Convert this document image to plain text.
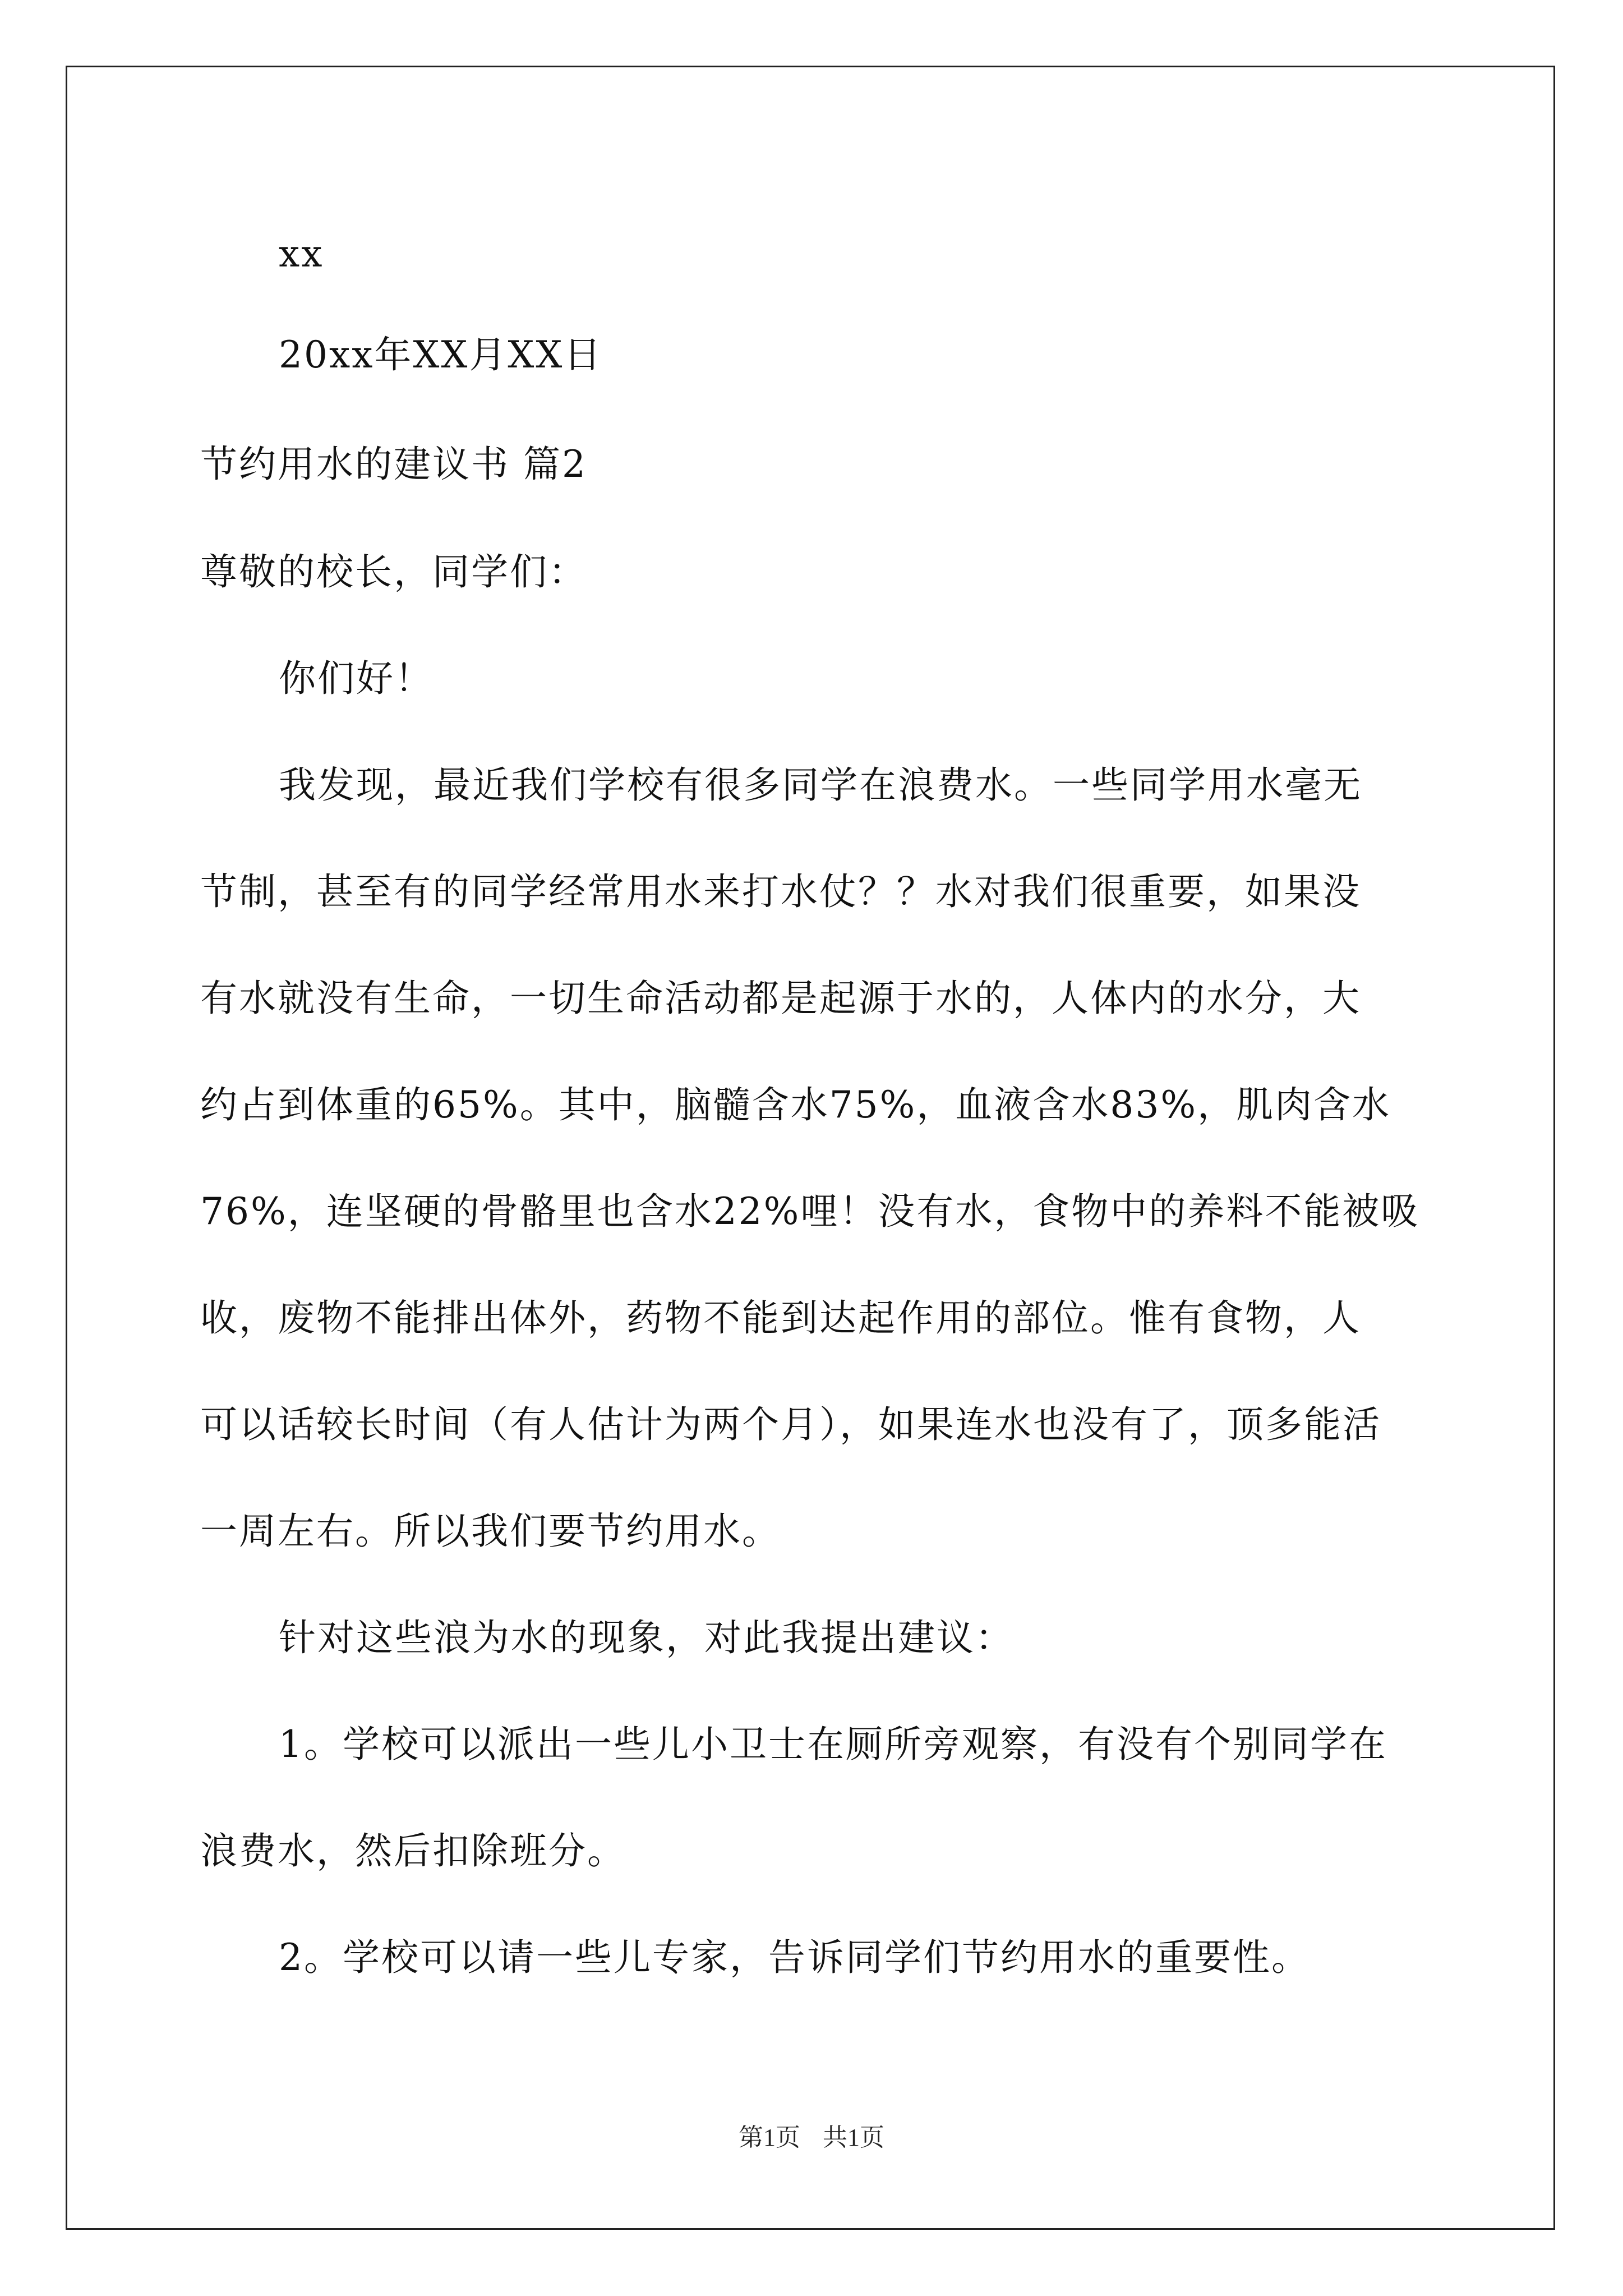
xx

20xx年XX月XX日

节约用水的建议书 篇2

尊敬的校长，同学们：

你们好！

我发现，最近我们学校有很多同学在浪费水。一些同学用水毫无

节制，甚至有的同学经常用水来打水仗？？水对我们很重要，如果没

有水就没有生命，一切生命活动都是起源于水的，人体内的水分，大

约占到体重的65%。其中，脑髓含水75%，血液含水83%，肌肉含水

76%，连坚硬的骨骼里也含水22%哩！没有水，食物中的养料不能被吸

收，废物不能排出体外，药物不能到达起作用的部位。惟有食物，人

可以话较长时间（有人估计为两个月），如果连水也没有了，顶多能活

一周左右。所以我们要节约用水。

针对这些浪为水的现象，对此我提出建议：

1。学校可以派出一些儿小卫士在厕所旁观察，有没有个别同学在

浪费水，然后扣除班分。

2。学校可以请一些儿专家，告诉同学们节约用水的重要性。

第1页 共1页
